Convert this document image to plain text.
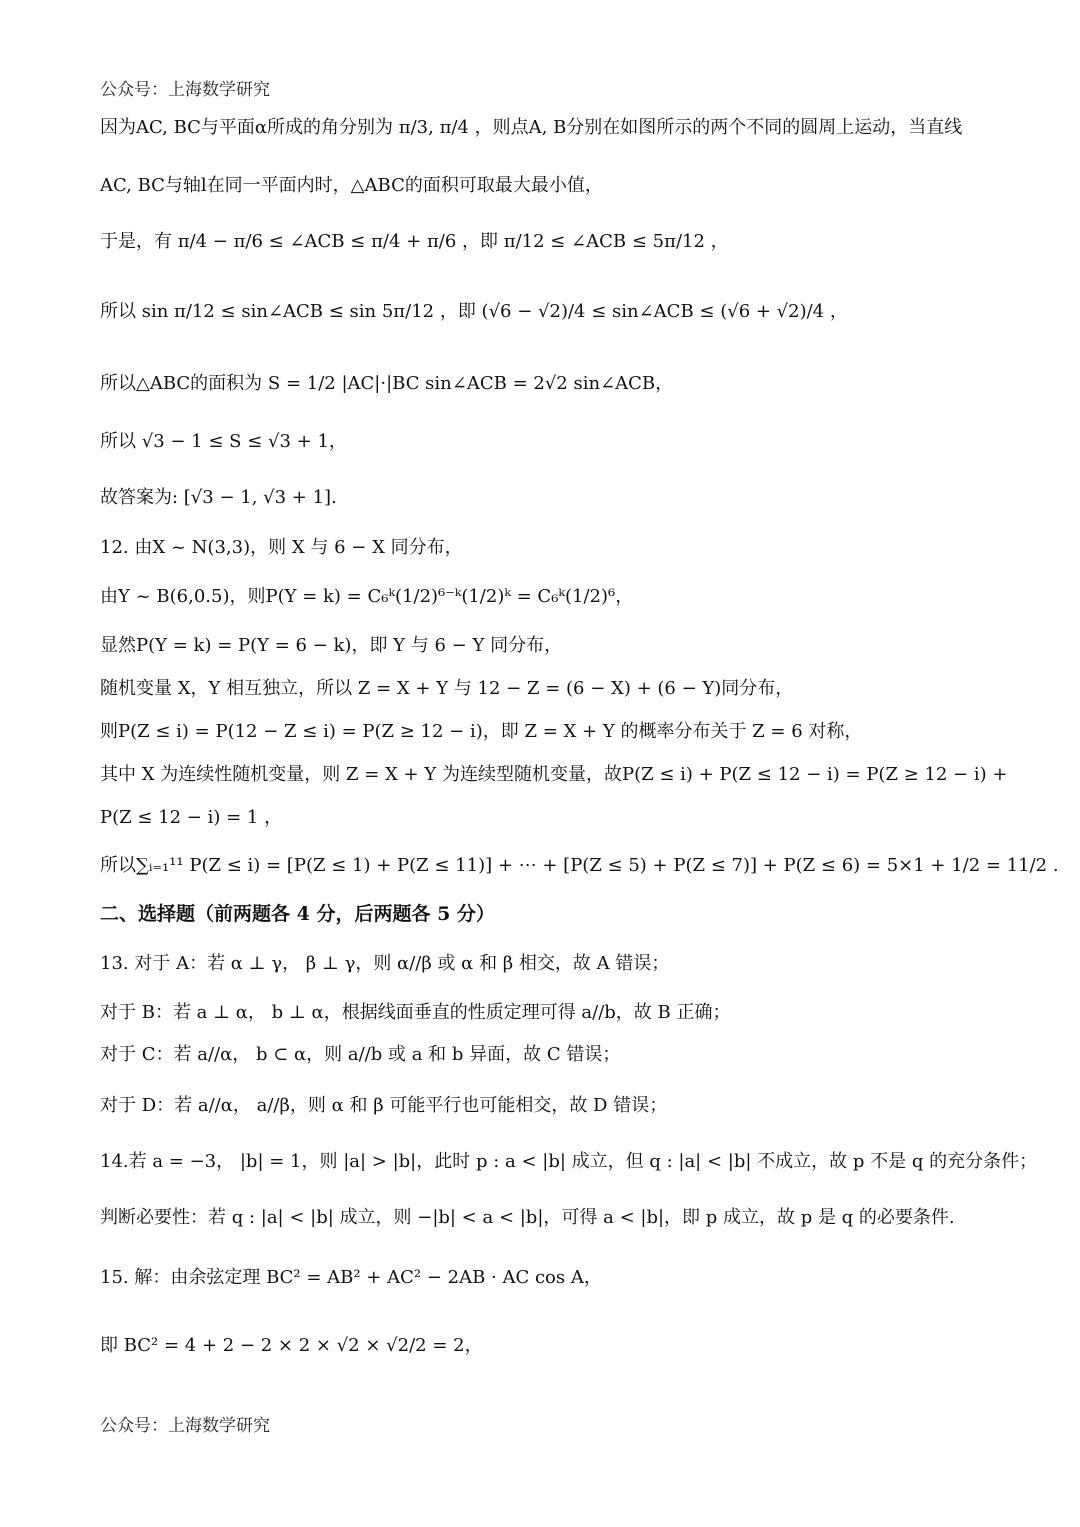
公众号：上海数学研究
因为AC, BC与平面α所成的角分别为 π/3, π/4 ，则点A, B分别在如图所示的两个不同的圆周上运动，当直线
AC, BC与轴l在同一平面内时，△ABC的面积可取最大最小值，
于是，有 π/4 − π/6 ≤ ∠ACB ≤ π/4 + π/6 ，即 π/12 ≤ ∠ACB ≤ 5π/12 ，
所以 sin π/12 ≤ sin∠ACB ≤ sin 5π/12 ，即 (√6 − √2)/4 ≤ sin∠ACB ≤ (√6 + √2)/4 ，
所以△ABC的面积为 S = 1/2 |AC|·|BC sin∠ACB = 2√2 sin∠ACB，
所以 √3 − 1 ≤ S ≤ √3 + 1，
故答案为: [√3 − 1, √3 + 1].
12. 由X ~ N(3,3)，则 X 与 6 − X 同分布，
由Y ~ B(6,0.5)，则P(Y = k) = C₆ᵏ(1/2)⁶⁻ᵏ(1/2)ᵏ = C₆ᵏ(1/2)⁶，
显然P(Y = k) = P(Y = 6 − k)，即 Y 与 6 − Y 同分布，
随机变量 X，Y 相互独立，所以 Z = X + Y 与 12 − Z = (6 − X) + (6 − Y)同分布，
则P(Z ≤ i) = P(12 − Z ≤ i) = P(Z ≥ 12 − i)，即 Z = X + Y 的概率分布关于 Z = 6 对称，
其中 X 为连续性随机变量，则 Z = X + Y 为连续型随机变量，故P(Z ≤ i) + P(Z ≤ 12 − i) = P(Z ≥ 12 − i) +
P(Z ≤ 12 − i) = 1 ，
所以∑ᵢ₌₁¹¹ P(Z ≤ i) = [P(Z ≤ 1) + P(Z ≤ 11)] + ⋯ + [P(Z ≤ 5) + P(Z ≤ 7)] + P(Z ≤ 6) = 5×1 + 1/2 = 11/2 .
二、选择题（前两题各 4 分，后两题各 5 分）
13. 对于 A：若 α ⊥ γ， β ⊥ γ，则 α//β 或 α 和 β 相交，故 A 错误；
对于 B：若 a ⊥ α， b ⊥ α，根据线面垂直的性质定理可得 a//b，故 B 正确；
对于 C：若 a//α， b ⊂ α，则 a//b 或 a 和 b 异面，故 C 错误；
对于 D：若 a//α， a//β，则 α 和 β 可能平行也可能相交，故 D 错误；
14.若 a = −3， |b| = 1，则 |a| > |b|，此时 p : a < |b| 成立，但 q : |a| < |b| 不成立，故 p 不是 q 的充分条件；
判断必要性：若 q : |a| < |b| 成立，则 −|b| < a < |b|，可得 a < |b|，即 p 成立，故 p 是 q 的必要条件.
15. 解：由余弦定理 BC² = AB² + AC² − 2AB · AC cos A，
即 BC² = 4 + 2 − 2 × 2 × √2 × √2/2 = 2，
公众号：上海数学研究
